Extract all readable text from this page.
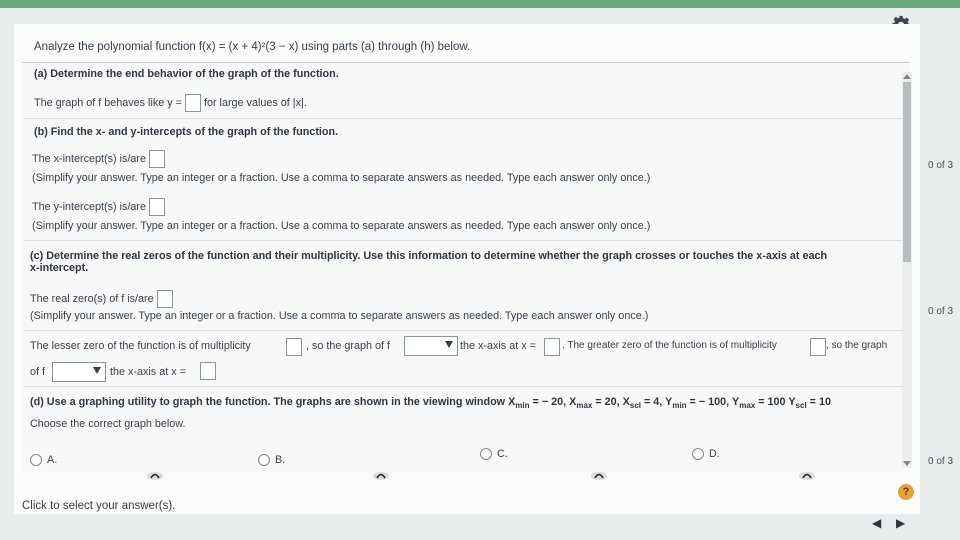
Analyze the polynomial function f(x) = (x + 4)²(3 − x) using parts (a) through (h) below.
(a) Determine the end behavior of the graph of the function.
The graph of f behaves like y = for large values of |x|.
(b) Find the x- and y-intercepts of the graph of the function.
The x-intercept(s) is/are
(Simplify your answer. Type an integer or a fraction. Use a comma to separate answers as needed. Type each answer only once.)
The y-intercept(s) is/are
(Simplify your answer. Type an integer or a fraction. Use a comma to separate answers as needed. Type each answer only once.)
(c) Determine the real zeros of the function and their multiplicity. Use this information to determine whether the graph crosses or touches the x-axis at each
x-intercept.
The real zero(s) of f is/are
(Simplify your answer. Type an integer or a fraction. Use a comma to separate answers as needed. Type each answer only once.)
The lesser zero of the function is of multiplicity	, so the graph of f	the x-axis at x =	. The greater zero of the function is of multiplicity	, so the graph
of f	the x-axis at x =
(d) Use a graphing utility to graph the function. The graphs are shown in the viewing window $X_{min}$ = − 20, $X_{max} = 20$, $X_{scl} = 4$, $Y_{min}$ = − 100, $Y_{max} = 100$ $Y_{scl} = 10$
Choose the correct graph below.
A.	B.	C.	D.
0 of 3
0 of 3
0 of 3
?
Click to select your answer(s).
◀ ▶
